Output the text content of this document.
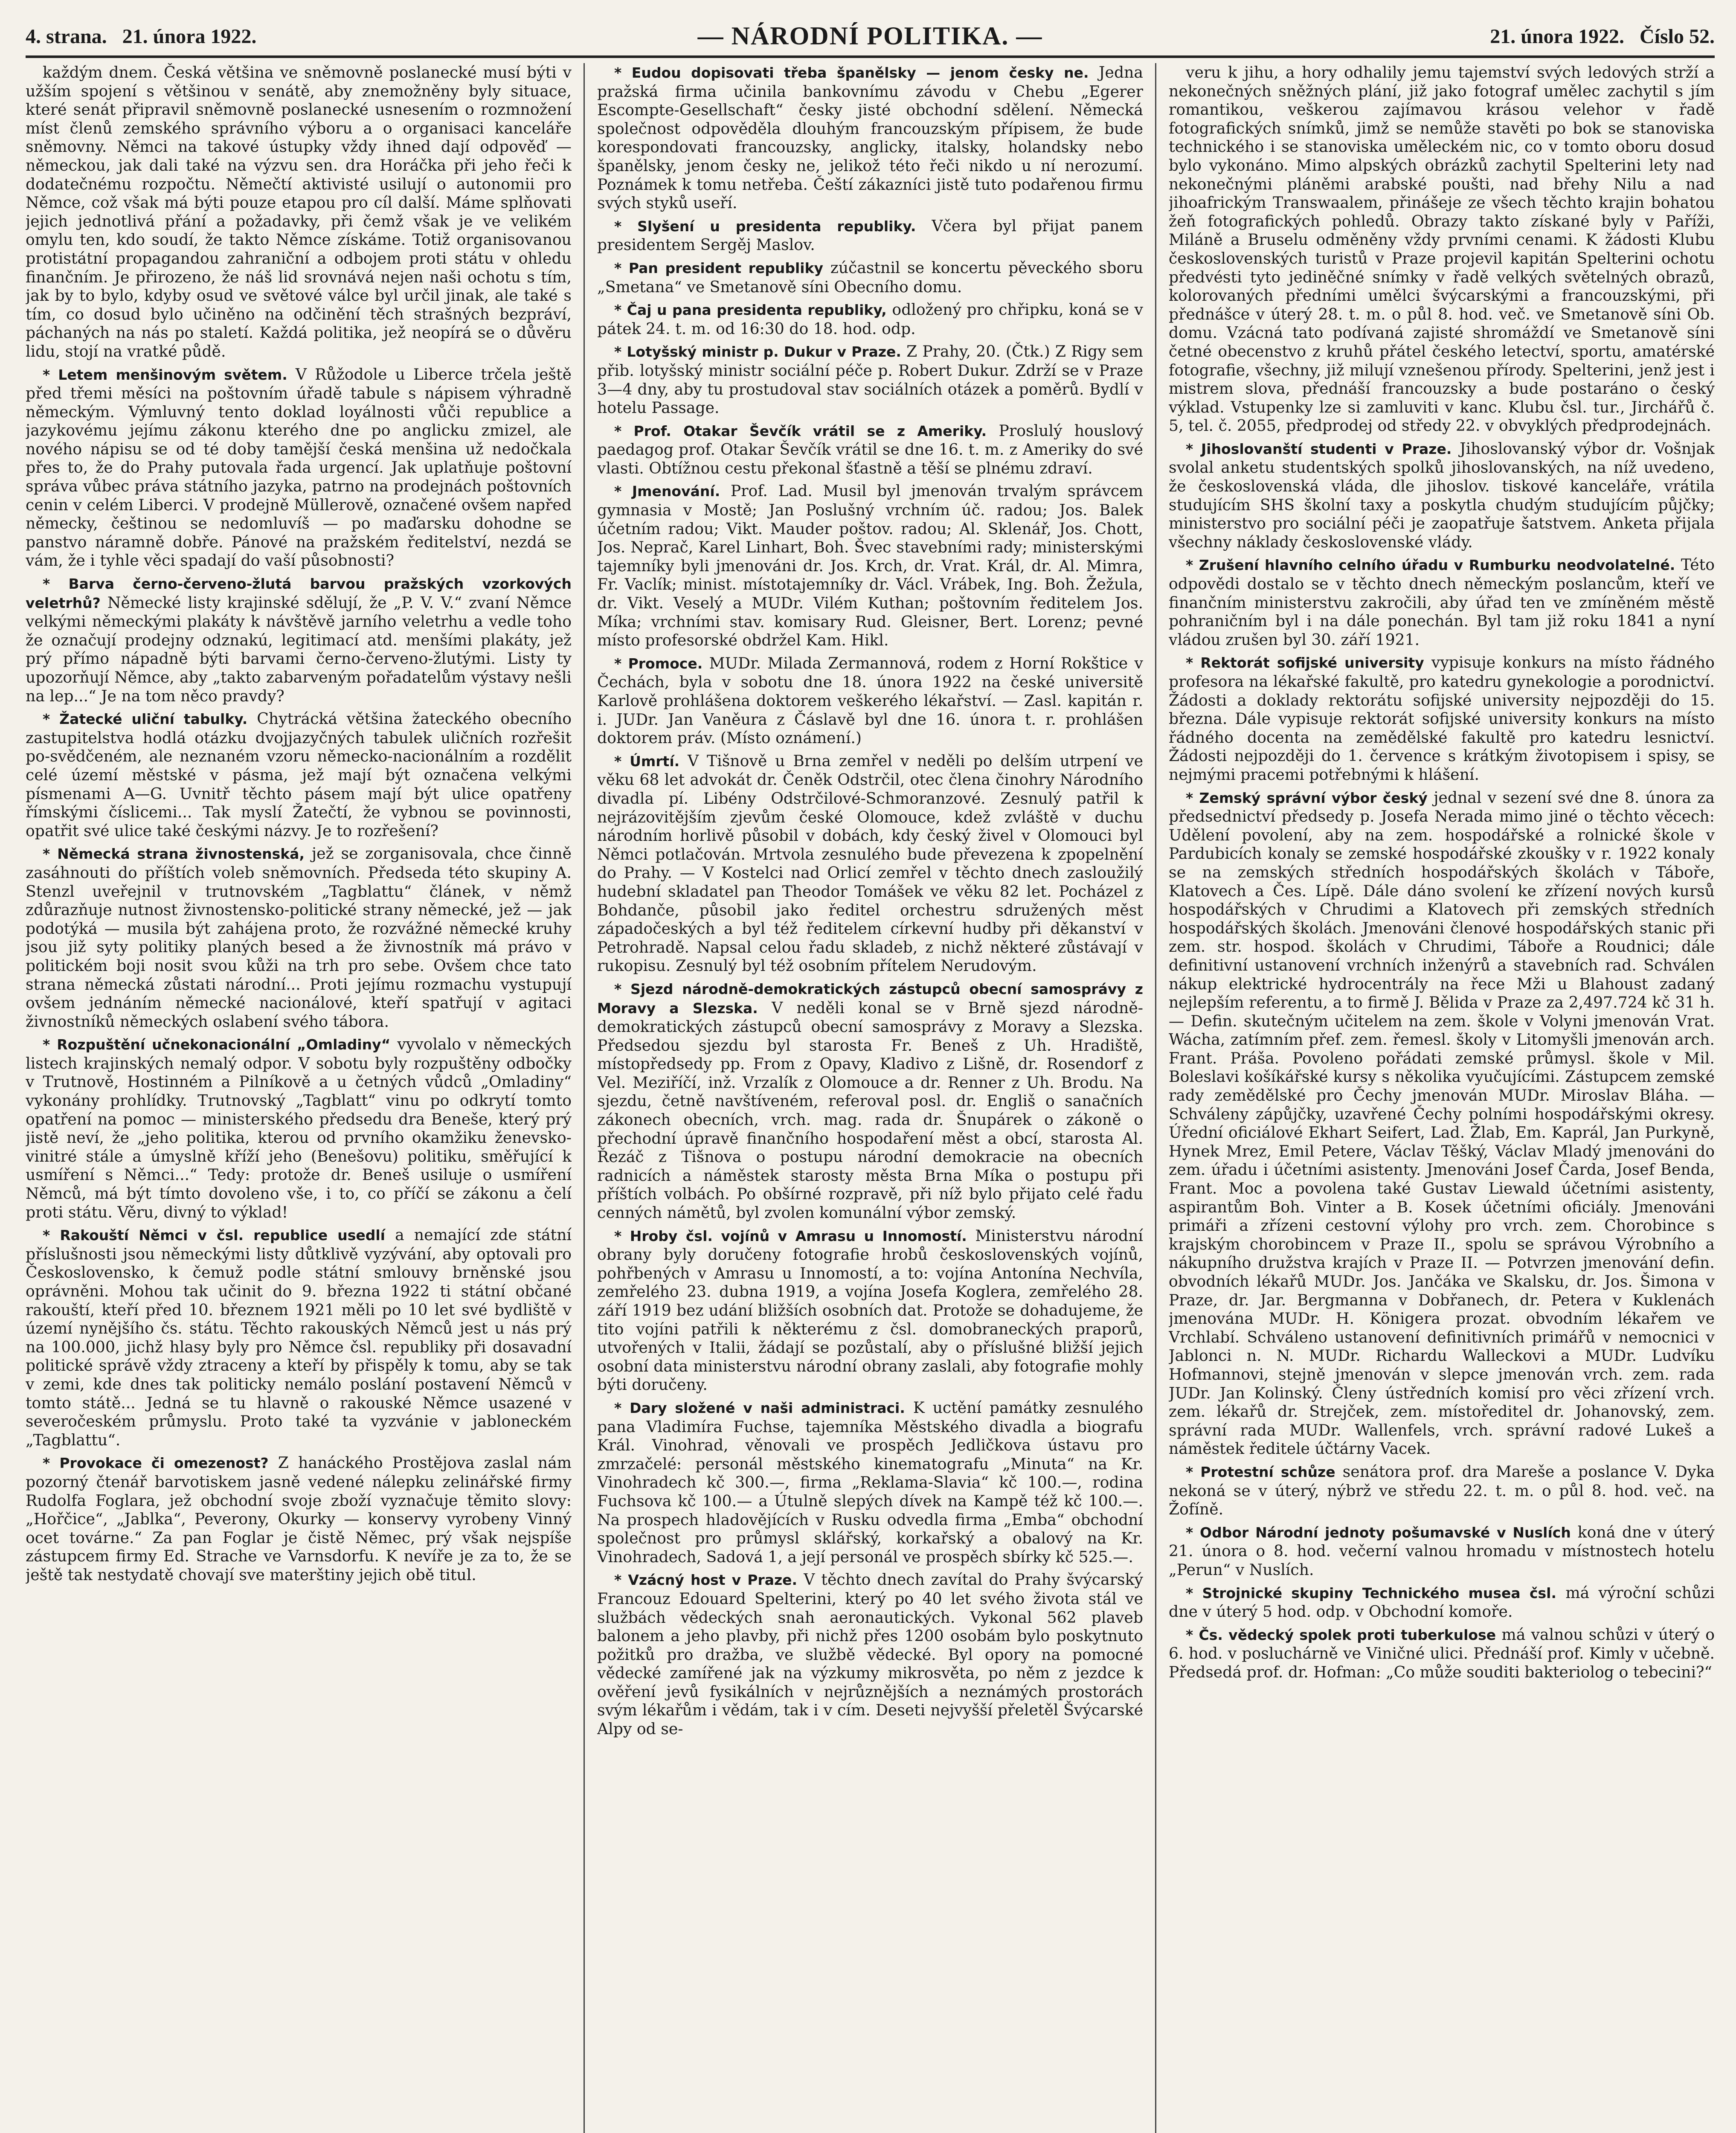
4. strana. 21. února 1922.	— NÁRODNÍ POLITIKA. —	21. února 1922. Číslo 52.

každým dnem. Česká většina ve sněmovně poslanecké musí býti v užším spojení s většinou v senátě, aby znemožněny byly situace, které senát připravil sněmovně poslanecké usnesením o rozmnožení míst členů zemského správního výboru a o organisaci kanceláře sněmovny. Němci na takové ústupky vždy ihned dají odpověď — německou, jak dali také na výzvu sen. dra Horáčka při jeho řeči k dodatečnému rozpočtu. Němečtí aktivisté usilují o autonomii pro Němce, což však má býti pouze etapou pro cíl další. Máme splňovati jejich jednotlivá přání a požadavky, při čemž však je ve velikém omylu ten, kdo soudí, že takto Němce získáme. Totiž organisovanou protistátní propagandou zahraniční a odbojem proti státu v ohledu finančním. Je přirozeno, že náš lid srovnává nejen naši ochotu s tím, jak by to bylo, kdyby osud ve světové válce byl určil jinak, ale také s tím, co dosud bylo učiněno na odčinění těch strašných bezpráví, páchaných na nás po staletí. Každá politika, jež neopírá se o důvěru lidu, stojí na vratké půdě.

* Letem menšinovým světem. V Růžodole u Liberce trčela ještě před třemi měsíci na poštovním úřadě tabule s nápisem výhradně německým. Výmluvný tento doklad loyálnosti vůči republice a jazykovému jejímu zákonu kterého dne po anglicku zmizel, ale nového nápisu se od té doby tamější česká menšina už nedočkala přes to, že do Prahy putovala řada urgencí. Jak uplatňuje poštovní správa vůbec práva státního jazyka, patrno na prodejnách poštovních cenin v celém Liberci. V prodejně Müllerově, označené ovšem napřed německy, češtinou se nedomluvíš — po maďarsku dohodne se panstvo náramně dobře. Pánové na pražském ředitelství, nezdá se vám, že i tyhle věci spadají do vaší působnosti?

* Barva černo-červeno-žlutá barvou pražských vzorkových veletrhů? Německé listy krajinské sdělují, že „P. V. V.“ zvaní Němce velkými německými plakáty k návštěvě jarního veletrhu a vedle toho že označují prodejny odznakú, legitimací atd. menšími plakáty, jež prý přímo nápadně býti barvami černo-červeno-žlutými. Listy ty upozorňují Němce, aby „takto zabarveným pořadatelům výstavy nešli na lep...“ Je na tom něco pravdy?

* Žatecké uliční tabulky. Chytrácká většina žateckého obecního zastupitelstva hodlá otázku dvojjazyčných tabulek uličních rozřešit po-svědčeném, ale neznaném vzoru německo-nacionálním a rozdělit celé území městské v pásma, jež mají být označena velkými písmenami A—G. Uvnitř těchto pásem mají být ulice opatřeny římskými číslicemi... Tak myslí Žatečtí, že vybnou se povinnosti, opatřit své ulice také českými názvy. Je to rozřešení?

* Německá strana živnostenská, jež se zorganisovala, chce činně zasáhnouti do příštích voleb sněmovních. Předseda této skupiny A. Stenzl uveřejnil v trutnovském „Tagblattu“ článek, v němž zdůrazňuje nutnost živnostensko-politické strany německé, jež — jak podotýká — musila být zahájena proto, že rozvážné německé kruhy jsou již syty politiky planých besed a že živnostník má právo v politickém boji nosit svou kůži na trh pro sebe. Ovšem chce tato strana německá zůstati národní... Proti jejímu rozmachu vystupují ovšem jednáním německé nacionálové, kteří spatřují v agitaci živnostníků německých oslabení svého tábora.

* Rozpuštění učnekonacionální „Omladiny“ vyvolalo v německých listech krajinských nemalý odpor. V sobotu byly rozpuštěny odbočky v Trutnově, Hostinném a Pilníkově a u četných vůdců „Omladiny“ vykonány prohlídky. Trutnovský „Tagblatt“ vinu po odkrytí tomto opatření na pomoc — ministerského předsedu dra Beneše, který prý jistě neví, že „jeho politika, kterou od prvního okamžiku ženevsko-vinitré stále a úmyslně kříží jeho (Benešovu) politiku, směřující k usmíření s Němci...“ Tedy: protože dr. Beneš usiluje o usmíření Němců, má být tímto dovoleno vše, i to, co příčí se zákonu a čelí proti státu. Věru, divný to výklad!

* Rakouští Němci v čsl. republice usedlí a nemající zde státní příslušnosti jsou německými listy důtklivě vyzývání, aby optovali pro Československo, k čemuž podle státní smlouvy brněnské jsou oprávněni. Mohou tak učinit do 9. března 1922 ti státní občané rakouští, kteří před 10. březnem 1921 měli po 10 let své bydliště v území nynějšího čs. státu. Těchto rakouských Němců jest u nás prý na 100.000, jichž hlasy byly pro Němce čsl. republiky při dosavadní politické správě vždy ztraceny a kteří by přispěly k tomu, aby se tak v zemi, kde dnes tak politicky nemálo poslání postavení Němců v tomto státě... Jedná se tu hlavně o rakouské Němce usazené v severočeském průmyslu. Proto také ta vyzvánie v jabloneckém „Tagblattu“.

* Provokace či omezenost? Z hanáckého Prostějova zaslal nám pozorný čtenář barvotiskem jasně vedené nálepku zelinářské firmy Rudolfa Foglara, jež obchodní svoje zboží vyznačuje těmito slovy: „Hořčice“, „Jablka“, Peverony, Okurky — konservy vyrobeny Vinný ocet továrne.“ Za pan Foglar je čistě Němec, prý však nejspíše zástupcem firmy Ed. Strache ve Varnsdorfu. K nevíře je za to, že se ještě tak nestydatě chovají sve materštiny jejich obě titul.

* Eudou dopisovati třeba španělsky — jenom česky ne. Jedna pražská firma učinila bankovnímu závodu v Chebu „Egerer Escompte-Gesellschaft“ česky jisté obchodní sdělení. Německá společnost odpověděla dlouhým francouzským přípisem, že bude korespondovati francouzsky, anglicky, italsky, holandsky nebo španělsky, jenom česky ne, jelikož této řeči nikdo u ní nerozumí. Poznámek k tomu netřeba. Čeští zákazníci jistě tuto podařenou firmu svých styků useří.

* Slyšení u presidenta republiky. Včera byl přijat panem presidentem Sergěj Maslov.

* Pan president republiky zúčastnil se koncertu pěveckého sboru „Smetana“ ve Smetanově síni Obecního domu.

* Čaj u pana presidenta republiky, odložený pro chřipku, koná se v pátek 24. t. m. od 16:30 do 18. hod. odp.

* Lotyšský ministr p. Dukur v Praze. Z Prahy, 20. (Čtk.) Z Rigy sem přib. lotyšský ministr sociální péče p. Robert Dukur. Zdrží se v Praze 3—4 dny, aby tu prostudoval stav sociálních otázek a poměrů. Bydlí v hotelu Passage.

* Prof. Otakar Ševčík vrátil se z Ameriky. Proslulý houslový paedagog prof. Otakar Ševčík vrátil se dne 16. t. m. z Ameriky do své vlasti. Obtížnou cestu překonal šťastně a těší se plnému zdraví.

* Jmenování. Prof. Lad. Musil byl jmenován trvalým správcem gymnasia v Mostě; Jan Poslušný vrchním úč. radou; Jos. Balek účetním radou; Vikt. Mauder poštov. radou; Al. Sklenář, Jos. Chott, Jos. Neprač, Karel Linhart, Boh. Švec stavebními rady; ministerskými tajemníky byli jmenováni dr. Jos. Krch, dr. Vrat. Král, dr. Al. Mimra, Fr. Vaclík; minist. místotajemníky dr. Václ. Vrábek, Ing. Boh. Žežula, dr. Vikt. Veselý a MUDr. Vilém Kuthan; poštovním ředitelem Jos. Míka; vrchními stav. komisary Rud. Gleisner, Bert. Lorenz; pevné místo profesorské obdržel Kam. Hikl.

* Promoce. MUDr. Milada Zermannová, rodem z Horní Rokštice v Čechách, byla v sobotu dne 18. února 1922 na české universitě Karlově prohlášena doktorem veškerého lékařství. — Zasl. kapitán r. i. JUDr. Jan Vaněura z Čáslavě byl dne 16. února t. r. prohlášen doktorem práv. (Místo oznámení.)

* Úmrtí. V Tišnově u Brna zemřel v neděli po delším utrpení ve věku 68 let advokát dr. Čeněk Odstrčil, otec člena činohry Národního divadla pí. Libény Odstrčilové-Schmoranzové. Zesnulý patřil k nejrázovitějším zjevům české Olomouce, kdež zvláště v duchu národním horlivě působil v dobách, kdy český živel v Olomouci byl Němci potlačován. Mrtvola zesnulého bude převezena k zpopelnění do Prahy. — V Kostelci nad Orlicí zemřel v těchto dnech zasloužilý hudební skladatel pan Theodor Tomášek ve věku 82 let. Pocházel z Bohdanče, působil jako ředitel orchestru sdružených měst západočeských a byl též ředitelem církevní hudby při děkanství v Petrohradě. Napsal celou řadu skladeb, z nichž některé zůstávají v rukopisu. Zesnulý byl též osobním přítelem Nerudovým.

* Sjezd národně-demokratických zástupců obecní samosprávy z Moravy a Slezska. V neděli konal se v Brně sjezd národně-demokratických zástupců obecní samosprávy z Moravy a Slezska. Předsedou sjezdu byl starosta Fr. Beneš z Uh. Hradiště, místopředsedy pp. From z Opavy, Kladivo z Lišně, dr. Rosendorf z Vel. Meziříčí, inž. Vrzalík z Olomouce a dr. Renner z Uh. Brodu. Na sjezdu, četně navštíveném, referoval posl. dr. Engliš o sanačních zákonech obecních, vrch. mag. rada dr. Šnupárek o zákoně o přechodní úpravě finančního hospodaření měst a obcí, starosta Al. Řezáč z Tišnova o postupu národní demokracie na obecních radnicích a náměstek starosty města Brna Míka o postupu při příštích volbách. Po obšírné rozpravě, při níž bylo přijato celé řadu cenných námětů, byl zvolen komunální výbor zemský.

* Hroby čsl. vojínů v Amrasu u Innomostí. Ministerstvu národní obrany byly doručeny fotografie hrobů československých vojínů, pohřbených v Amrasu u Innomostí, a to: vojína Antonína Nechvíla, zemřelého 23. dubna 1919, a vojína Josefa Koglera, zemřelého 28. září 1919 bez udání bližších osobních dat. Protože se dohadujeme, že tito vojíni patřili k některému z čsl. domobraneckých praporů, utvořených v Italii, žádají se pozůstalí, aby o příslušné bližší jejich osobní data ministerstvu národní obrany zaslali, aby fotografie mohly býti doručeny.

* Dary složené v naši administraci. K uctění památky zesnulého pana Vladimíra Fuchse, tajemníka Městského divadla a biografu Král. Vinohrad, věnovali ve prospěch Jedličkova ústavu pro zmrzačelé: personál městského kinematografu „Minuta“ na Kr. Vinohradech kč 300.—, firma „Reklama-Slavia“ kč 100.—, rodina Fuchsova kč 100.— a Útulně slepých dívek na Kampě též kč 100.—. Na prospech hladovějících v Rusku odvedla firma „Emba“ obchodní společnost pro průmysl sklářský, korkařský a obalový na Kr. Vinohradech, Sadová 1, a její personál ve prospěch sbírky kč 525.—.

* Vzácný host v Praze. V těchto dnech zavítal do Prahy švýcarský Francouz Edouard Spelterini, který po 40 let svého života stál ve službách vědeckých snah aeronautických. Vykonal 562 plaveb balonem a jeho plavby, při nichž přes 1200 osobám bylo poskytnuto požitků pro dražba, ve službě vědecké. Byl opory na pomocné vědecké zamířené jak na výzkumy mikrosvěta, po něm z jezdce k ověření jevů fysikálních v nejrůznějších a neznámých prostorách svým lékařům i vědám, tak i v cím. Deseti nejvyšší přeletěl Švýcarské Alpy od se-

veru k jihu, a hory odhalily jemu tajemství svých ledových strží a nekonečných sněžných plání, již jako fotograf umělec zachytil s jím romantikou, veškerou zajímavou krásou velehor v řadě fotografických snímků, jimž se nemůže stavěti po bok se stanoviska technického i se stanoviska uměleckém nic, co v tomto oboru dosud bylo vykonáno. Mimo alpských obrázků zachytil Spelterini lety nad nekonečnými pláněmi arabské poušti, nad břehy Nilu a nad jihoafrickým Transwaalem, přinášeje ze všech těchto krajin bohatou žeň fotografických pohledů. Obrazy takto získané byly v Paříži, Miláně a Bruselu odměněny vždy prvními cenami. K žádosti Klubu československých turistů v Praze projevil kapitán Spelterini ochotu předvésti tyto jediněčné snímky v řadě velkých světelných obrazů, kolorovaných předními umělci švýcarskými a francouzskými, při přednášce v úterý 28. t. m. o půl 8. hod. več. ve Smetanově síni Ob. domu. Vzácná tato podívaná zajisté shromáždí ve Smetanově síni četné obecenstvo z kruhů přátel českého letectví, sportu, amatérské fotografie, všechny, již milují vznešenou přírody. Spelterini, jenž jest i mistrem slova, přednáší francouzsky a bude postaráno o český výklad. Vstupenky lze si zamluviti v kanc. Klubu čsl. tur., Jirchářů č. 5, tel. č. 2055, předprodej od středy 22. v obvyklých předprodejnách.

* Jihoslovanští studenti v Praze. Jihoslovanský výbor dr. Vošnjak svolal anketu studentských spolků jihoslovanských, na níž uvedeno, že československá vláda, dle jihoslov. tiskové kanceláře, vrátila studujícím SHS školní taxy a poskytla chudým studujícím půjčky; ministerstvo pro sociální péči je zaopatřuje šatstvem. Anketa přijala všechny náklady československé vlády.

* Zrušení hlavního celního úřadu v Rumburku neodvolatelné. Této odpovědi dostalo se v těchto dnech německým poslancům, kteří ve finančním ministerstvu zakročili, aby úřad ten ve zmíněném městě pohraničním byl i na dále ponechán. Byl tam již roku 1841 a nyní vládou zrušen byl 30. září 1921.

* Rektorát sofijské university vypisuje konkurs na místo řádného profesora na lékařské fakultě, pro katedru gynekologie a porodnictví. Žádosti a doklady rektorátu sofijské university nejpozději do 15. března. Dále vypisuje rektorát sofijské university konkurs na místo řádného docenta na zemědělské fakultě pro katedru lesnictví. Žádosti nejpozději do 1. července s krátkým životopisem i spisy, se nejmými pracemi potřebnými k hlášení.

* Zemský správní výbor český jednal v sezení své dne 8. února za předsednictví předsedy p. Josefa Nerada mimo jiné o těchto věcech: Udělení povolení, aby na zem. hospodářské a rolnické škole v Pardubicích konaly se zemské hospodářské zkoušky v r. 1922 konaly se na zemských středních hospodářských školách v Táboře, Klatovech a Čes. Lípě. Dále dáno svolení ke zřízení nových kursů hospodářských v Chrudimi a Klatovech při zemských středních hospodářských školách. Jmenováni členové hospodářských stanic při zem. str. hospod. školách v Chrudimi, Táboře a Roudnici; dále definitivní ustanovení vrchních inženýrů a stavebních rad. Schválen nákup elektrické hydrocentrály na řece Mži u Blahoust zadaný nejlepším referentu, a to firmě J. Bělida v Praze za 2,497.724 kč 31 h. — Defin. skutečným učitelem na zem. škole v Volyni jmenován Vrat. Wácha, zatímním přef. zem. řemesl. školy v Litomyšli jmenován arch. Frant. Práša. Povoleno pořádati zemské průmysl. škole v Mil. Boleslavi košíkářské kursy s několika vyučujícími. Zástupcem zemské rady zemědělské pro Čechy jmenován MUDr. Miroslav Bláha. — Schváleny zápůjčky, uzavřené Čechy polními hospodářskými okresy. Úřední oficiálové Ekhart Seifert, Lad. Žlab, Em. Kaprál, Jan Purkyně, Hynek Mrez, Emil Petere, Václav Těšký, Václav Mladý jmenováni do zem. úřadu i účetními asistenty. Jmenováni Josef Čarda, Josef Benda, Frant. Moc a povolena také Gustav Liewald účetními asistenty, aspirantům Boh. Vinter a B. Kosek účetními oficiály. Jmenováni primáři a zřízeni cestovní výlohy pro vrch. zem. Chorobince s krajským chorobincem v Praze II., spolu se správou Výrobního a nákupního družstva krajích v Praze II. — Potvrzen jmenování defin. obvodních lékařů MUDr. Jos. Jančáka ve Skalsku, dr. Jos. Šimona v Praze, dr. Jar. Bergmanna v Dobřanech, dr. Petera v Kuklenách jmenována MUDr. H. Königera prozat. obvodním lékařem ve Vrchlabí. Schváleno ustanovení definitivních primářů v nemocnici v Jablonci n. N. MUDr. Richardu Walleckovi a MUDr. Ludvíku Hofmannovi, stejně jmenován v slepce jmenován vrch. zem. rada JUDr. Jan Kolinský. Členy ústředních komisí pro věci zřízení vrch. zem. lékařů dr. Strejček, zem. místoředitel dr. Johanovský, zem. správní rada MUDr. Wallenfels, vrch. správní radové Lukeš a náměstek ředitele účtárny Vacek.

* Protestní schůze senátora prof. dra Mareše a poslance V. Dyka nekoná se v úterý, nýbrž ve středu 22. t. m. o půl 8. hod. več. na Žofíně.

* Odbor Národní jednoty pošumavské v Nuslích koná dne v úterý 21. února o 8. hod. večerní valnou hromadu v místnostech hotelu „Perun“ v Nuslích.

* Strojnické skupiny Technického musea čsl. má výroční schůzi dne v úterý 5 hod. odp. v Obchodní komoře.

* Čs. vědecký spolek proti tuberkulose má valnou schůzi v úterý o 6. hod. v posluchárně ve Viničné ulici. Přednáší prof. Kimly v učebně. Předsedá prof. dr. Hofman: „Co může souditi bakteriolog o tebecini?“
